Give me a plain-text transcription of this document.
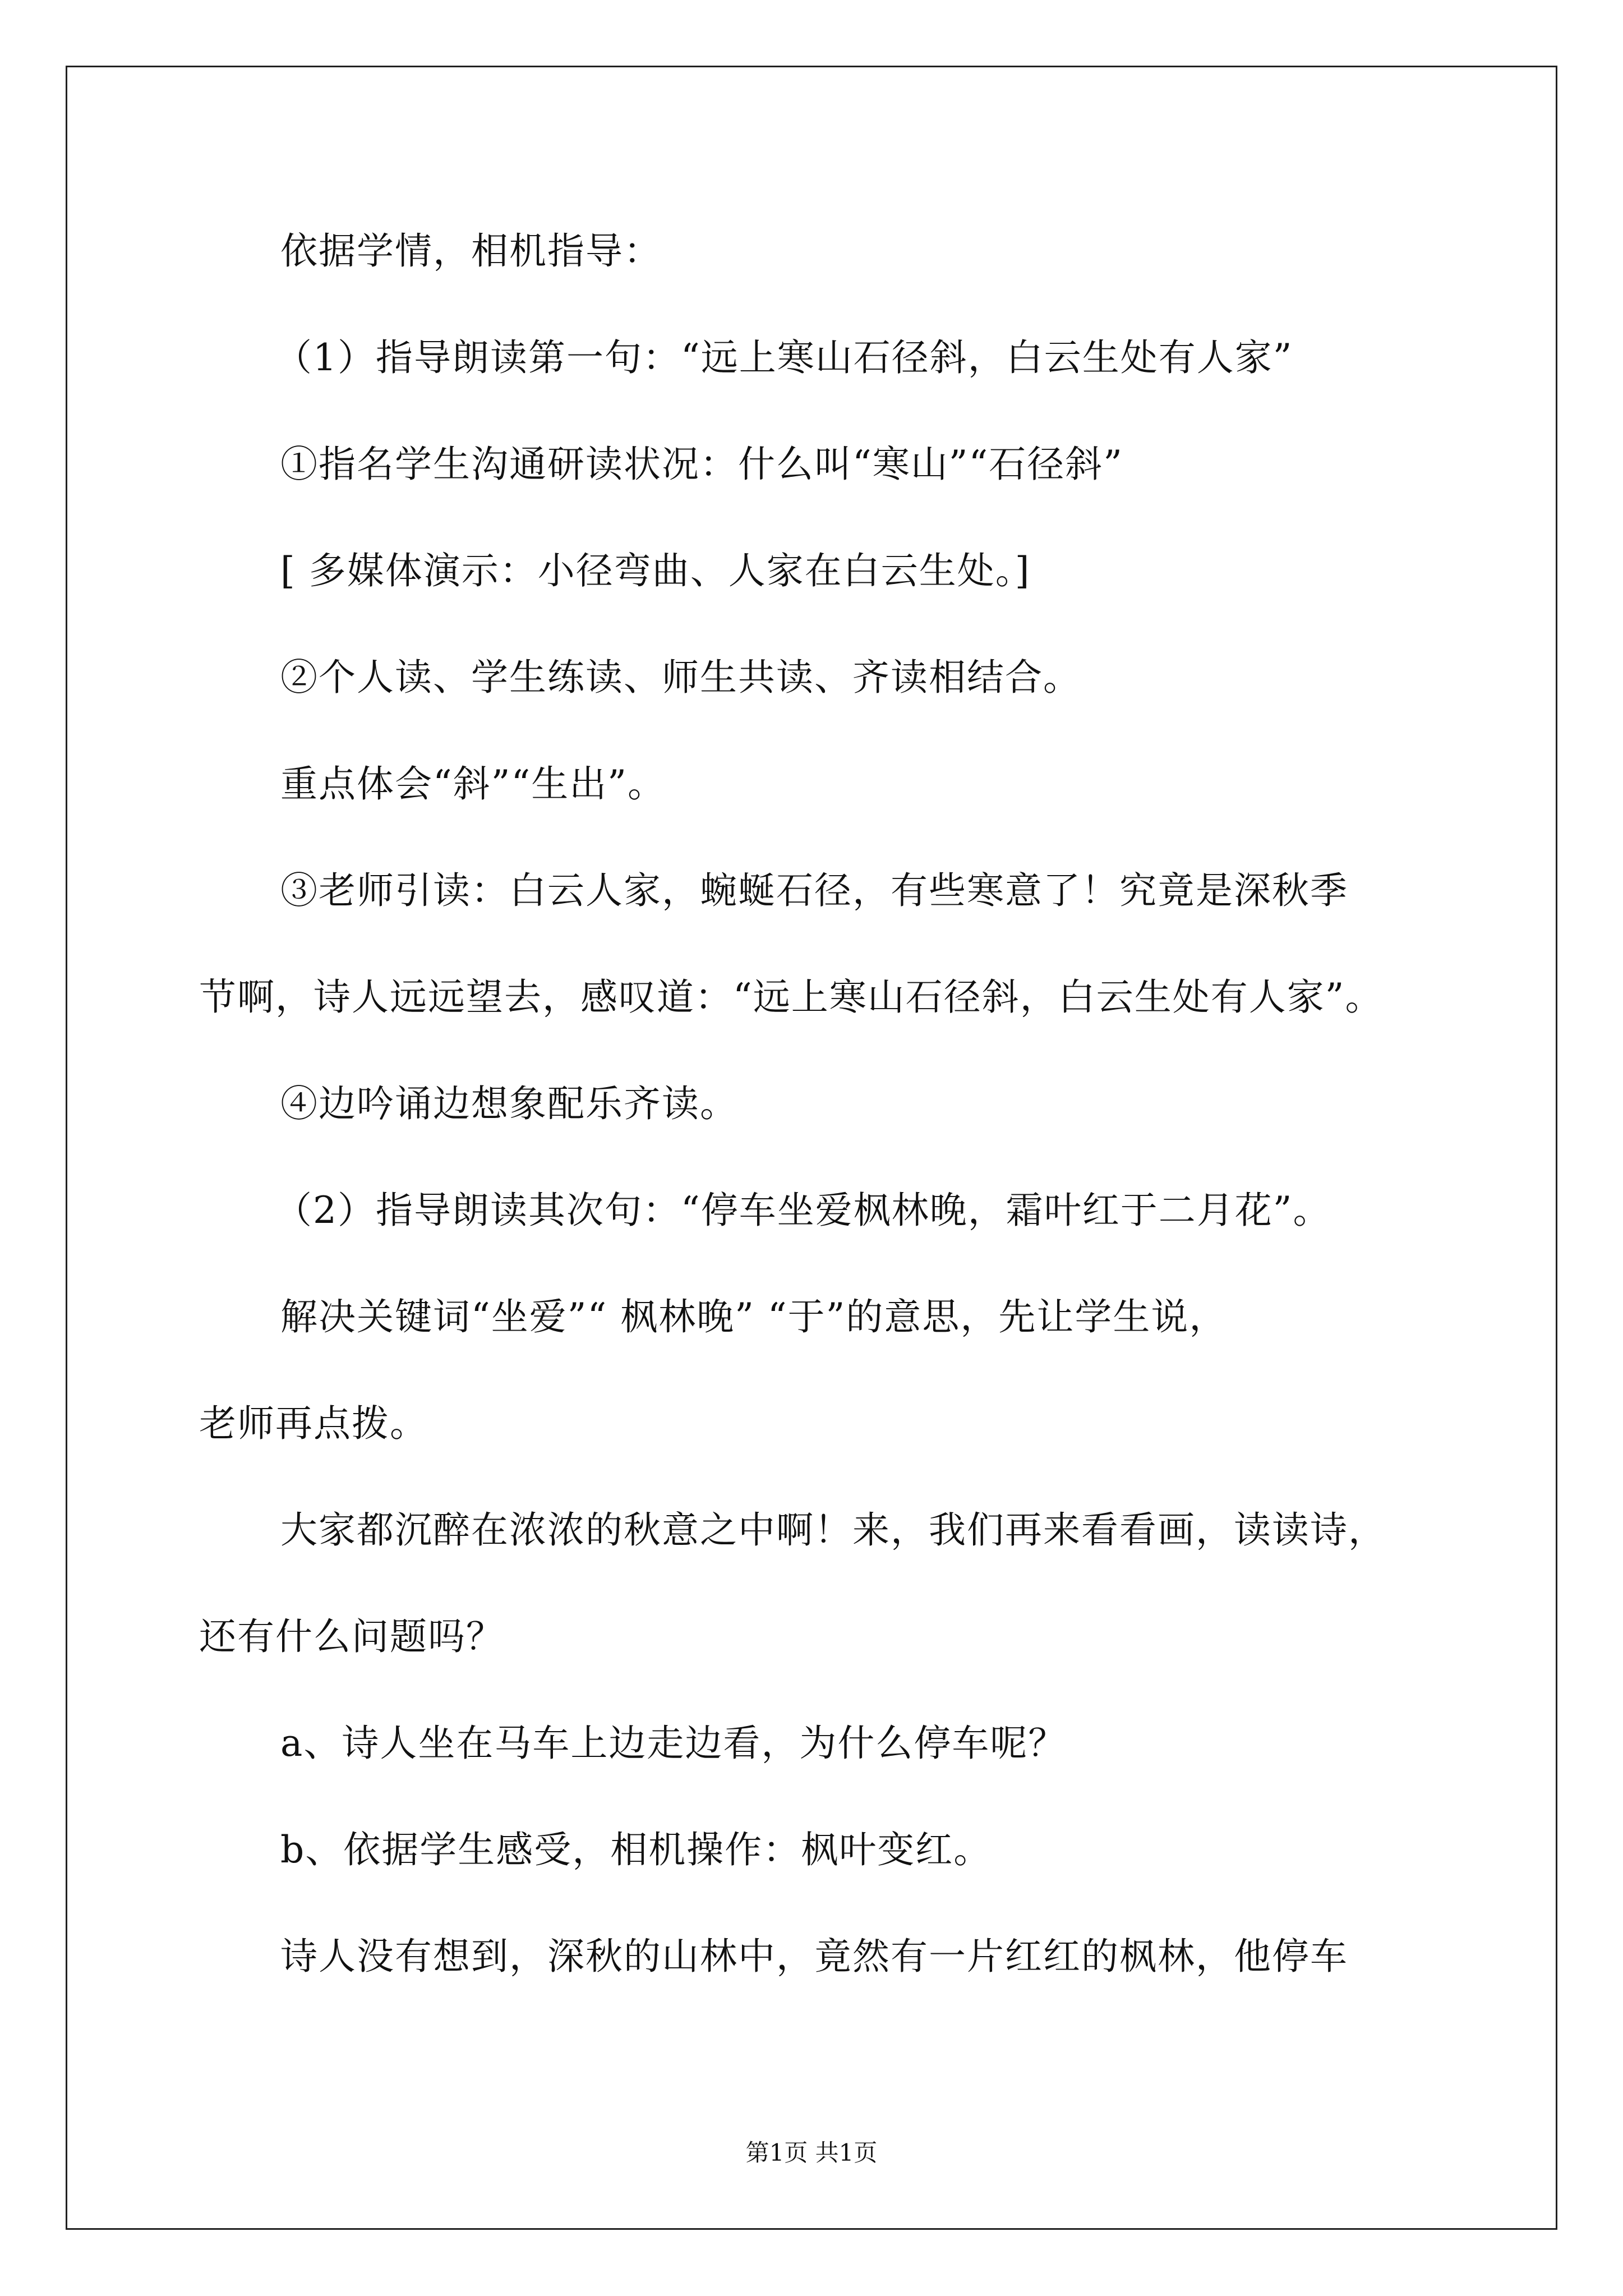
依据学情，相机指导：
（1）指导朗读第一句：“远上寒山石径斜，白云生处有人家”
①指名学生沟通研读状况：什么叫“寒山”“石径斜”
[ 多媒体演示：小径弯曲、人家在白云生处。]
②个人读、学生练读、师生共读、齐读相结合。
重点体会“斜”“生出”。
③老师引读：白云人家，蜿蜒石径，有些寒意了！究竟是深秋季
节啊，诗人远远望去，感叹道：“远上寒山石径斜，白云生处有人家”。
④边吟诵边想象配乐齐读。
（2）指导朗读其次句：“停车坐爱枫林晚，霜叶红于二月花”。
解决关键词“坐爱”“ 枫林晚” “于”的意思，先让学生说，
老师再点拨。
大家都沉醉在浓浓的秋意之中啊！来，我们再来看看画，读读诗，
还有什么问题吗？
a、诗人坐在马车上边走边看，为什么停车呢？
b、依据学生感受，相机操作：枫叶变红。
诗人没有想到，深秋的山林中，竟然有一片红红的枫林，他停车
第1页 共1页
